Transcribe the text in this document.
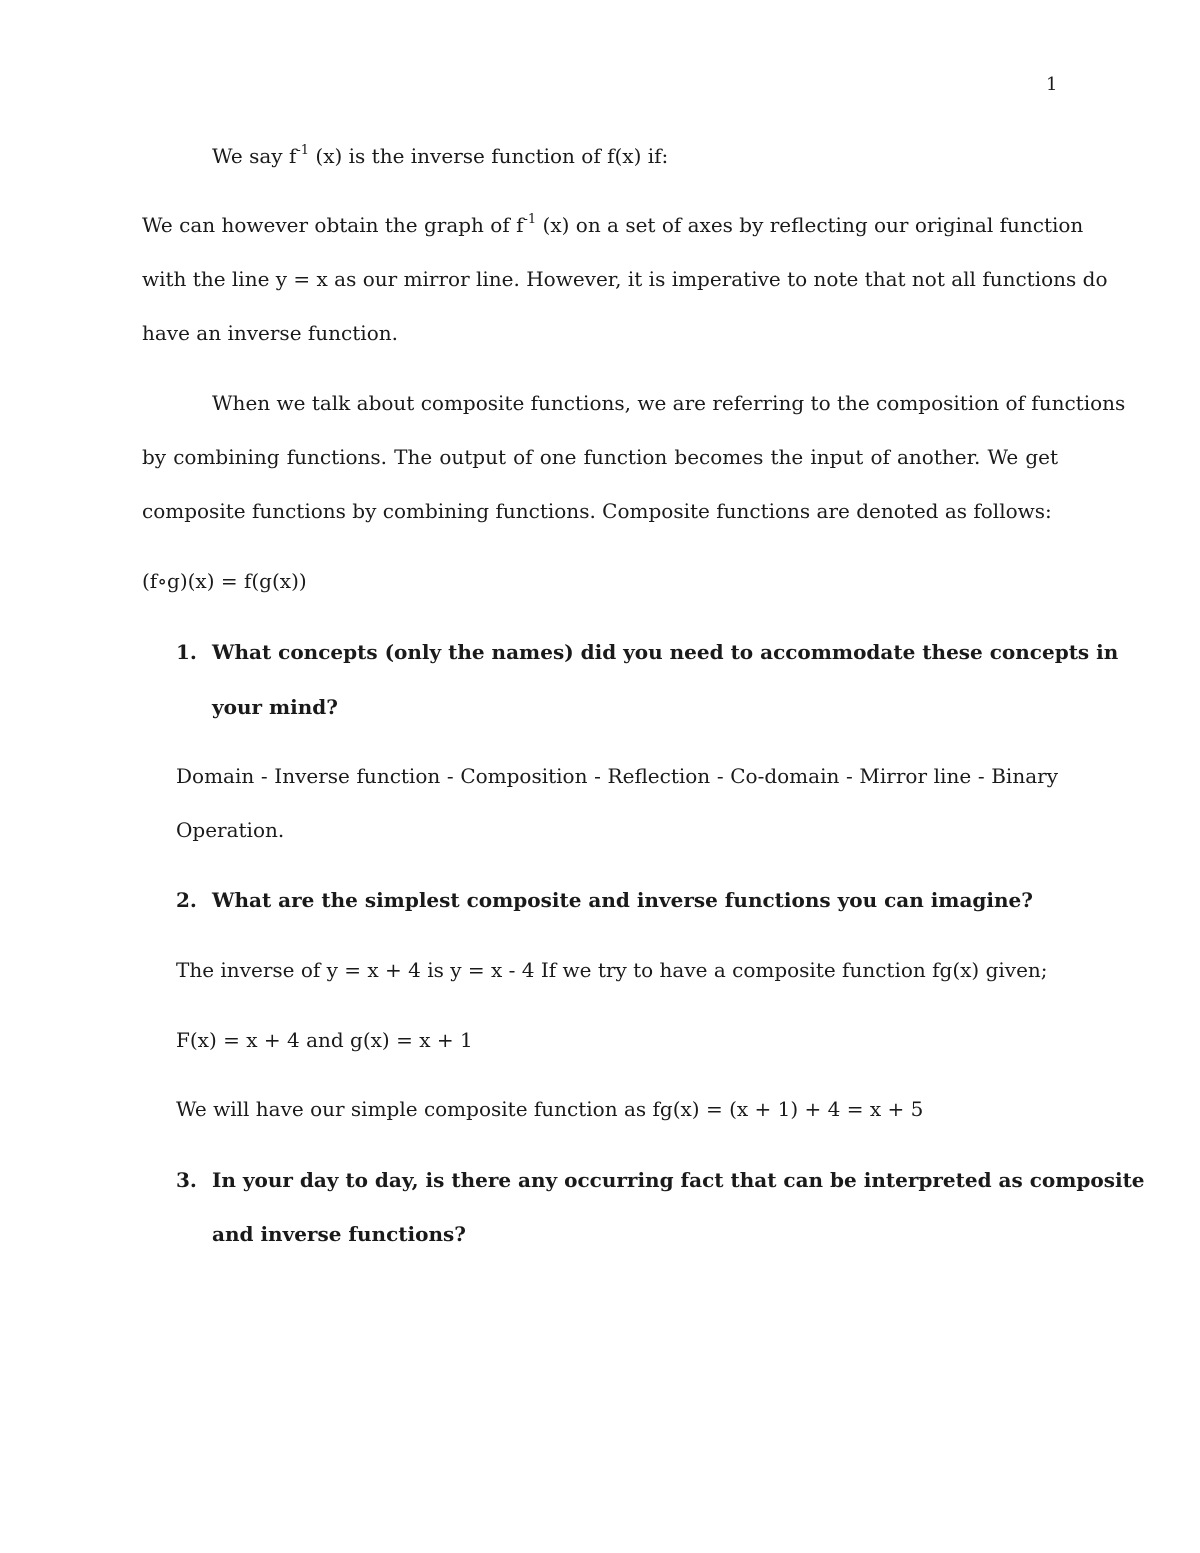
1
We say $f^{-1}$ (x) is the inverse function of f(x) if:
We can however obtain the graph of $f^{-1}$ (x) on a set of axes by reflecting our original function
with the line y = x as our mirror line. However, it is imperative to note that not all functions do
have an inverse function.
When we talk about composite functions, we are referring to the composition of functions
by combining functions. The output of one function becomes the input of another. We get
composite functions by combining functions. Composite functions are denoted as follows:
(f∘g)(x) = f(g(x))
1. What concepts (only the names) did you need to accommodate these concepts in
your mind?
Domain - Inverse function - Composition - Reflection - Co-domain - Mirror line - Binary
Operation.
2. What are the simplest composite and inverse functions you can imagine?
The inverse of y = x + 4 is y = x - 4 If we try to have a composite function fg(x) given;
F(x) = x + 4 and g(x) = x + 1
We will have our simple composite function as fg(x) = (x + 1) + 4 = x + 5
3. In your day to day, is there any occurring fact that can be interpreted as composite
and inverse functions?
